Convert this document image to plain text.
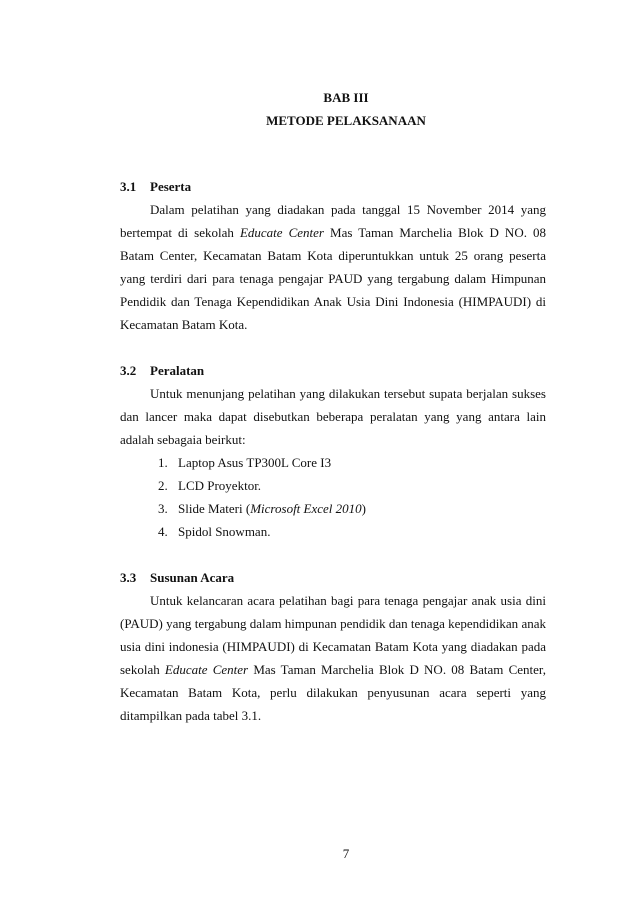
BAB III
METODE PELAKSANAAN
3.1	Peserta

Dalam pelatihan yang diadakan pada tanggal 15 November 2014 yang bertempat di sekolah Educate Center Mas Taman Marchelia Blok D NO. 08 Batam Center, Kecamatan Batam Kota diperuntukkan untuk 25 orang peserta yang terdiri dari para tenaga pengajar PAUD yang tergabung dalam Himpunan Pendidik dan Tenaga Kependidikan Anak Usia Dini Indonesia (HIMPAUDI) di Kecamatan Batam Kota.

3.2	Peralatan

Untuk menunjang pelatihan yang dilakukan tersebut supata berjalan sukses dan lancer maka dapat disebutkan beberapa peralatan yang yang antara lain adalah sebagaia beirkut:

1. Laptop Asus TP300L Core I3
2. LCD Proyektor.
3. Slide Materi (Microsoft Excel 2010)
4. Spidol Snowman.
3.3	Susunan Acara

Untuk kelancaran acara pelatihan bagi para tenaga pengajar anak usia dini (PAUD) yang tergabung dalam himpunan pendidik dan tenaga kependidikan anak usia dini indonesia (HIMPAUDI) di Kecamatan Batam Kota yang diadakan pada sekolah Educate Center Mas Taman Marchelia Blok D NO. 08 Batam Center, Kecamatan Batam Kota, perlu dilakukan penyusunan acara seperti yang ditampilkan pada tabel 3.1.

7
